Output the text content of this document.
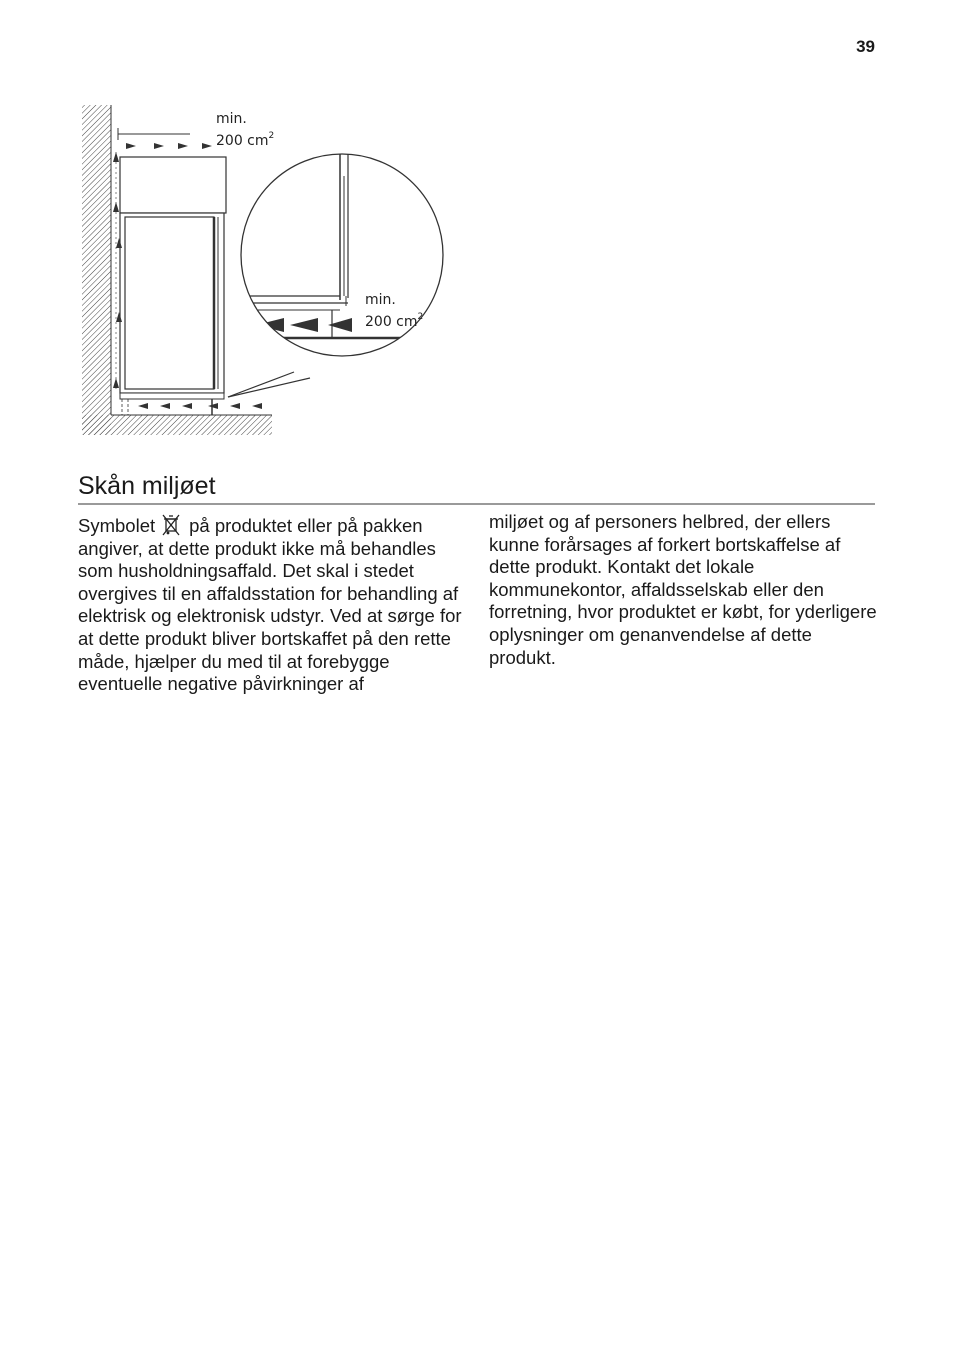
39
min.
200 $cm^2$
min.
200 $cm^2$
Skån miljøet

Symbolet på produktet eller på pakken angiver, at dette produkt ikke må behandles som husholdningsaffald. Det skal i stedet overgives til en affaldsstation for behandling af elektrisk og elektronisk udstyr. Ved at sørge for at dette produkt bliver bortskaffet på den rette måde, hjælper du med til at forebygge eventuelle negative påvirkninger af

miljøet og af personers helbred, der ellers kunne forårsages af forkert bortskaffelse af dette produkt. Kontakt det lokale kommunekontor, affaldsselskab eller den forretning, hvor produktet er købt, for yderligere oplysninger om genanvendelse af dette produkt.
